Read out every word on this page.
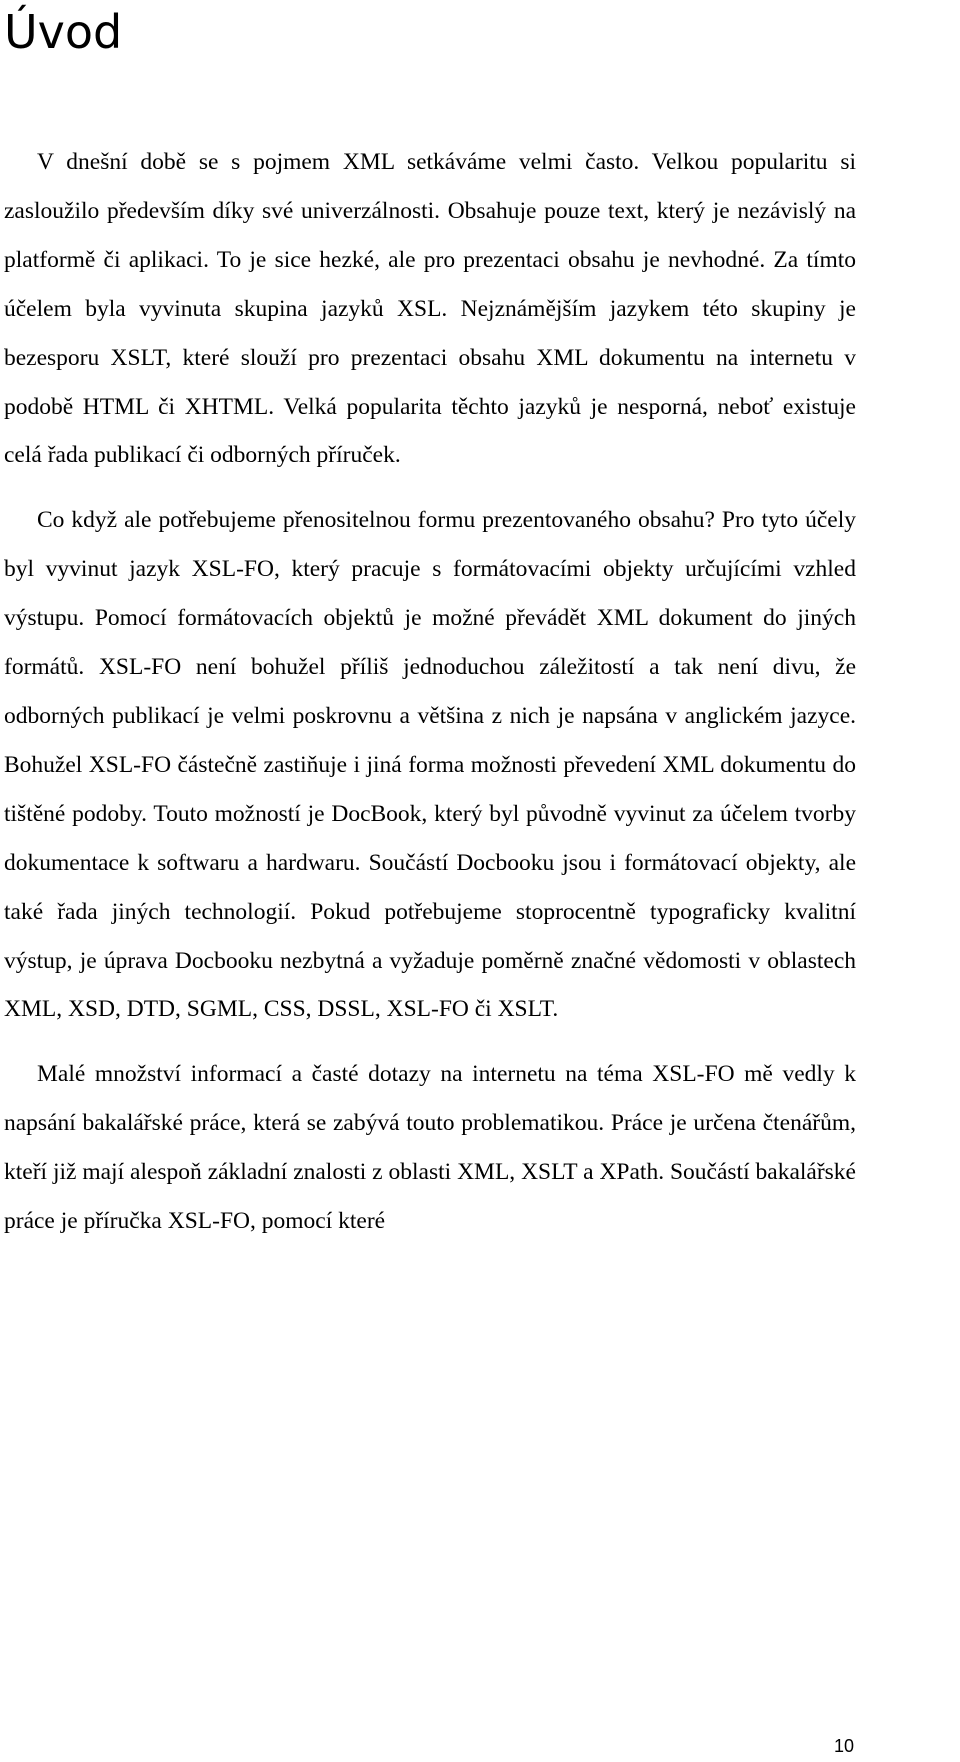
Úvod

V dnešní době se s pojmem XML setkáváme velmi často. Velkou popularitu si zasloužilo především díky své univerzálnosti. Obsahuje pouze text, který je nezávislý na platformě či aplikaci. To je sice hezké, ale pro prezentaci obsahu je nevhodné. Za tímto účelem byla vyvinuta skupina jazyků XSL. Nejznámějším jazykem této skupiny je bezesporu XSLT, které slouží pro prezentaci obsahu XML dokumentu na internetu v podobě HTML či XHTML. Velká popularita těchto jazyků je nesporná, neboť existuje celá řada publikací či odborných příruček.

Co když ale potřebujeme přenositelnou formu prezentovaného obsahu? Pro tyto účely byl vyvinut jazyk XSL-FO, který pracuje s formátovacími objekty určujícími vzhled výstupu. Pomocí formátovacích objektů je možné převádět XML dokument do jiných formátů. XSL-FO není bohužel příliš jednoduchou záležitostí a tak není divu, že odborných publikací je velmi poskrovnu a většina z nich je napsána v anglickém jazyce. Bohužel XSL-FO částečně zastiňuje i jiná forma možnosti převedení XML dokumentu do tištěné podoby. Touto možností je DocBook, který byl původně vyvinut za účelem tvorby dokumentace k softwaru a hardwaru. Součástí Docbooku jsou i formátovací objekty, ale také řada jiných technologií. Pokud potřebujeme stoprocentně typograficky kvalitní výstup, je úprava Docbooku nezbytná a vyžaduje poměrně značné vědomosti v oblastech XML, XSD, DTD, SGML, CSS, DSSL, XSL-FO či XSLT.

Malé množství informací a časté dotazy na internetu na téma XSL-FO mě vedly k napsání bakalářské práce, která se zabývá touto problematikou. Práce je určena čtenářům, kteří již mají alespoň základní znalosti z oblasti XML, XSLT a XPath. Součástí bakalářské práce je příručka XSL-FO, pomocí které

10
